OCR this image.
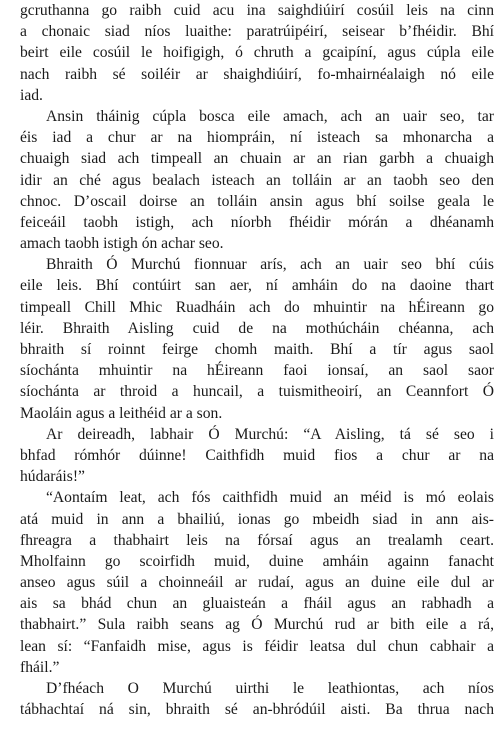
gcruthanna go raibh cuid acu ina saighdiúirí cosúil leis na cinn
a chonaic siad níos luaithe: paratrúipéirí, seisear b’fhéidir. Bhí
beirt eile cosúil le hoifigigh, ó chruth a gcaipíní, agus cúpla eile
nach raibh sé soiléir ar shaighdiúirí, fo-mhairnéalaigh nó eile
iad.
Ansin tháinig cúpla bosca eile amach, ach an uair seo, tar
éis iad a chur ar na hiompráin, ní isteach sa mhonarcha a
chuaigh siad ach timpeall an chuain ar an rian garbh a chuaigh
idir an ché agus bealach isteach an tolláin ar an taobh seo den
chnoc. D’oscail doirse an tolláin ansin agus bhí soilse geala le
feiceáil taobh istigh, ach níorbh fhéidir mórán a dhéanamh
amach taobh istigh ón achar seo.
Bhraith Ó Murchú fionnuar arís, ach an uair seo bhí cúis
eile leis. Bhí contúirt san aer, ní amháin do na daoine thart
timpeall Chill Mhic Ruadháin ach do mhuintir na hÉireann go
léir. Bhraith Aisling cuid de na mothúcháin chéanna, ach
bhraith sí roinnt feirge chomh maith. Bhí a tír agus saol
síochánta mhuintir na hÉireann faoi ionsaí, an saol saor
síochánta ar throid a huncail, a tuismitheoirí, an Ceannfort Ó
Maoláin agus a leithéid ar a son.
Ar deireadh, labhair Ó Murchú: “A Aisling, tá sé seo i
bhfad rómhór dúinne! Caithfidh muid fios a chur ar na
húdaráis!”
“Aontaím leat, ach fós caithfidh muid an méid is mó eolais
atá muid in ann a bhailiú, ionas go mbeidh siad in ann ais-
fhreagra a thabhairt leis na fórsaí agus an trealamh ceart.
Mholfainn go scoirfidh muid, duine amháin againn fanacht
anseo agus súil a choinneáil ar rudaí, agus an duine eile dul ar
ais sa bhád chun an gluaisteán a fháil agus an rabhadh a
thabhairt.” Sula raibh seans ag Ó Murchú rud ar bith eile a rá,
lean sí: “Fanfaidh mise, agus is féidir leatsa dul chun cabhair a
fháil.”
D’fhéach O Murchú uirthi le leathiontas, ach níos
tábhachtaí ná sin, bhraith sé an-bhródúil aisti. Ba thrua nach
